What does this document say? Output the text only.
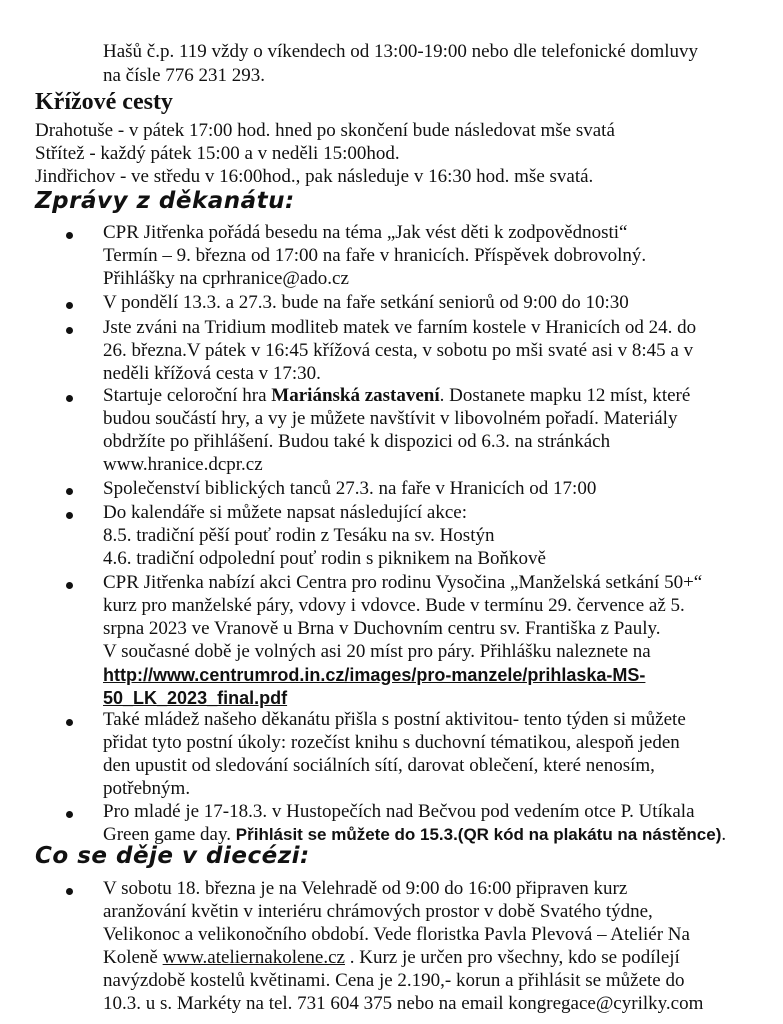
Hašů č.p. 119 vždy o víkendech od 13:00-19:00 nebo dle telefonické domluvy
na čísle 776 231 293.
Křížové cesty
Drahotuše - v pátek 17:00 hod. hned po skončení bude následovat mše svatá
Střítež - každý pátek 15:00 a v neděli 15:00hod.
Jindřichov - ve středu v 16:00hod., pak následuje v 16:30 hod. mše svatá.
Zprávy z děkanátu:
CPR Jitřenka pořádá besedu na téma „Jak vést děti k zodpovědnosti“
Termín – 9. března od 17:00 na faře v hranicích. Příspěvek dobrovolný.
Přihlášky na cprhranice@ado.cz
V pondělí 13.3. a 27.3. bude na faře setkání seniorů od 9:00 do 10:30
Jste zváni na Tridium modliteb matek ve farním kostele v Hranicích od 24. do
26. března.V pátek v 16:45 křížová cesta, v sobotu po mši svaté asi v 8:45 a v
neděli křížová cesta v 17:30.
Startuje celoroční hra Mariánská zastavení. Dostanete mapku 12 míst, které
budou součástí hry, a vy je můžete navštívit v libovolném pořadí. Materiály
obdržíte po přihlášení. Budou také k dispozici od 6.3. na stránkách
www.hranice.dcpr.cz
Společenství biblických tanců 27.3. na faře v Hranicích od 17:00
Do kalendáře si můžete napsat následující akce:
8.5. tradiční pěší pouť rodin z Tesáku na sv. Hostýn
4.6. tradiční odpolední pouť rodin s piknikem na Boňkově
CPR Jitřenka nabízí akci Centra pro rodinu Vysočina „Manželská setkání 50+“
kurz pro manželské páry, vdovy i vdovce. Bude v termínu 29. července až 5.
srpna 2023 ve Vranově u Brna v Duchovním centru sv. Františka z Pauly.
V současné době je volných asi 20 míst pro páry. Přihlášku naleznete na
http://www.centrumrod.in.cz/images/pro-manzele/prihlaska-MS-
50_LK_2023_final.pdf
Také mládež našeho děkanátu přišla s postní aktivitou- tento týden si můžete
přidat tyto postní úkoly: rozečíst knihu s duchovní tématikou, alespoň jeden
den upustit od sledování sociálních sítí, darovat oblečení, které nenosím,
potřebným.
Pro mladé je 17-18.3. v Hustopečích nad Bečvou pod vedením otce P. Utíkala
Green game day. Přihlásit se můžete do 15.3.(QR kód na plakátu na nástěnce).
Co se děje v diecézi:
V sobotu 18. března je na Velehradě od 9:00 do 16:00 připraven kurz
aranžování květin v interiéru chrámových prostor v době Svatého týdne,
Velikonoc a velikonočního období. Vede floristka Pavla Plevová – Ateliér Na
Koleně www.ateliernakolene.cz . Kurz je určen pro všechny, kdo se podílejí
navýzdobě kostelů květinami. Cena je 2.190,- korun a přihlásit se můžete do
10.3. u s. Markéty na tel. 731 604 375 nebo na email kongregace@cyrilky.com
